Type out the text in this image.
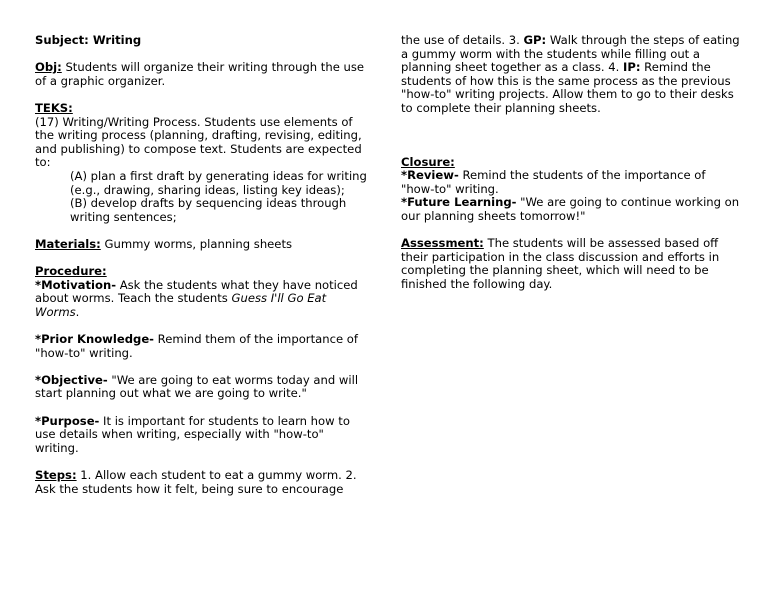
Subject: Writing

Obj: Students will organize their writing through the use of a graphic organizer.

TEKS:

(17) Writing/Writing Process. Students use elements of the writing process (planning, drafting, revising, editing, and publishing) to compose text. Students are expected to:

(A) plan a first draft by generating ideas for writing (e.g., drawing, sharing ideas, listing key ideas);

(B) develop drafts by sequencing ideas through writing sentences;

Materials: Gummy worms, planning sheets

Procedure:

*Motivation- Ask the students what they have noticed about worms. Teach the students Guess I'll Go Eat Worms.

*Prior Knowledge- Remind them of the importance of "how-to" writing.

*Objective- "We are going to eat worms today and will start planning out what we are going to write."

*Purpose- It is important for students to learn how to use details when writing, especially with "how-to" writing.

Steps: 1. Allow each student to eat a gummy worm. 2. Ask the students how it felt, being sure to encourage

the use of details. 3. GP: Walk through the steps of eating a gummy worm with the students while filling out a planning sheet together as a class. 4. IP: Remind the students of how this is the same process as the previous "how-to" writing projects. Allow them to go to their desks to complete their planning sheets.

Closure:

*Review- Remind the students of the importance of "how-to" writing.

*Future Learning- "We are going to continue working on our planning sheets tomorrow!"

Assessment: The students will be assessed based off their participation in the class discussion and efforts in completing the planning sheet, which will need to be finished the following day.
